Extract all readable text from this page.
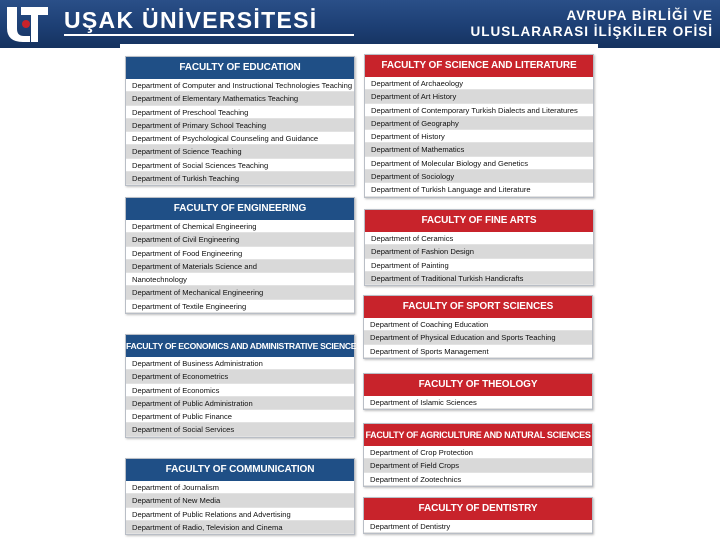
UŞAK ÜNİVERSİTESİ	AVRUPA BİRLİĞİ VE
ULUSLARARASI İLİŞKİLER OFİSİ
FACULTY OF EDUCATION
Department of Computer and Instructional Technologies Teaching
Department of Elementary Mathematics Teaching
Department of Preschool Teaching
Department of Primary School Teaching
Department of Psychological Counseling and Guidance
Department of Science Teaching
Department of Social Sciences Teaching
Department of Turkish Teaching
FACULTY OF ENGINEERING
Department of Chemical Engineering
Department of Civil Engineering
Department of Food Engineering
Department of Materials Science and
Nanotechnology
Department of Mechanical Engineering
Department of Textile Engineering
FACULTY OF ECONOMICS AND ADMINISTRATIVE SCIENCES
Department of Business Administration
Department of Econometrics
Department of Economics
Department of Public Administration
Department of Public Finance
Department of Social Services
FACULTY OF COMMUNICATION
Department of Journalism
Department of New Media
Department of Public Relations and Advertising
Department of Radio, Television and Cinema
FACULTY OF SCIENCE AND LITERATURE
Department of Archaeology
Department of Art History
Department of Contemporary Turkish Dialects and Literatures
Department of Geography
Department of History
Department of Mathematics
Department of Molecular Biology and Genetics
Department of Sociology
Department of Turkish Language and Literature
FACULTY OF FINE ARTS
Department of Ceramics
Department of Fashion Design
Department of Painting
Department of Traditional Turkish Handicrafts
FACULTY OF SPORT SCIENCES
Department of Coaching Education
Department of Physical Education and Sports Teaching
Department of Sports Management
FACULTY OF THEOLOGY
Department of Islamic Sciences
FACULTY OF AGRICULTURE AND NATURAL SCIENCES
Department of Crop Protection
Department of Field Crops
Department of Zootechnics
FACULTY OF DENTISTRY
Department of Dentistry
